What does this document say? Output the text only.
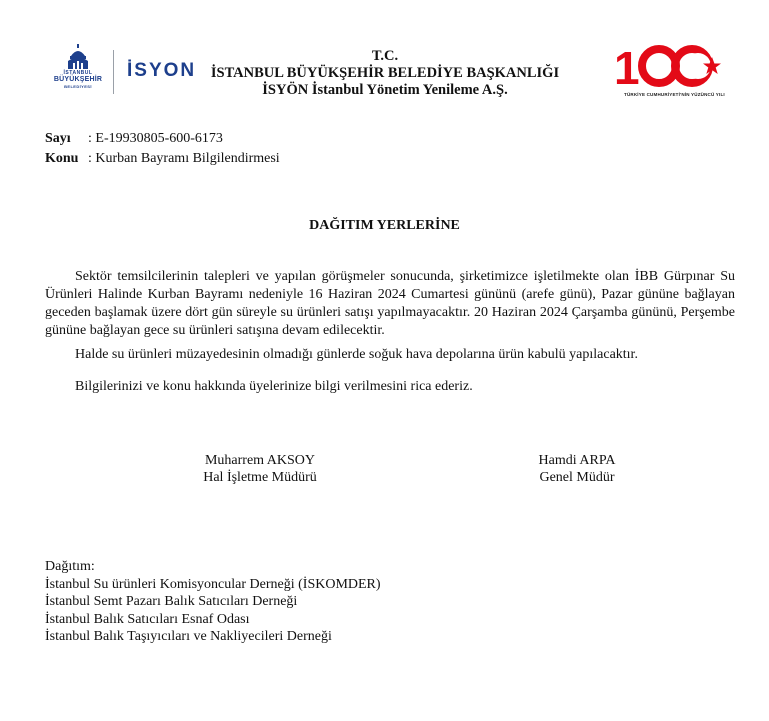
İSTANBUL
BÜYÜKŞEHİR
BELEDİYESİ
İSYON
T.C.
İSTANBUL BÜYÜKŞEHİR BELEDİYE BAŞKANLIĞI
İSYÖN İstanbul Yönetim Yenileme A.Ş.	1
TÜRKİYE CUMHURİYETİ'NİN YÜZÜNCÜ YILI
Sayı : E-19930805-600-6173
Konu : Kurban Bayramı Bilgilendirmesi
DAĞITIM YERLERİNE
Sektör temsilcilerinin talepleri ve yapılan görüşmeler sonucunda, şirketimizce işletilmekte olan İBB Gürpınar Su Ürünleri Halinde Kurban Bayramı nedeniyle 16 Haziran 2024 Cumartesi gününü (arefe günü), Pazar gününe bağlayan geceden başlamak üzere dört gün süreyle su ürünleri satışı yapılmayacaktır. 20 Haziran 2024 Çarşamba gününü, Perşembe gününe bağlayan gece su ürünleri satışına devam edilecektir.
Halde su ürünleri müzayedesinin olmadığı günlerde soğuk hava depolarına ürün kabulü yapılacaktır.
Bilgilerinizi ve konu hakkında üyelerinize bilgi verilmesini rica ederiz.
Muharrem AKSOY
Hal İşletme Müdürü
Hamdi ARPA
Genel Müdür
Dağıtım:
İstanbul Su ürünleri Komisyoncular Derneği (İSKOMDER)
İstanbul Semt Pazarı Balık Satıcıları Derneği
İstanbul Balık Satıcıları Esnaf Odası
İstanbul Balık Taşıyıcıları ve Nakliyecileri Derneği
